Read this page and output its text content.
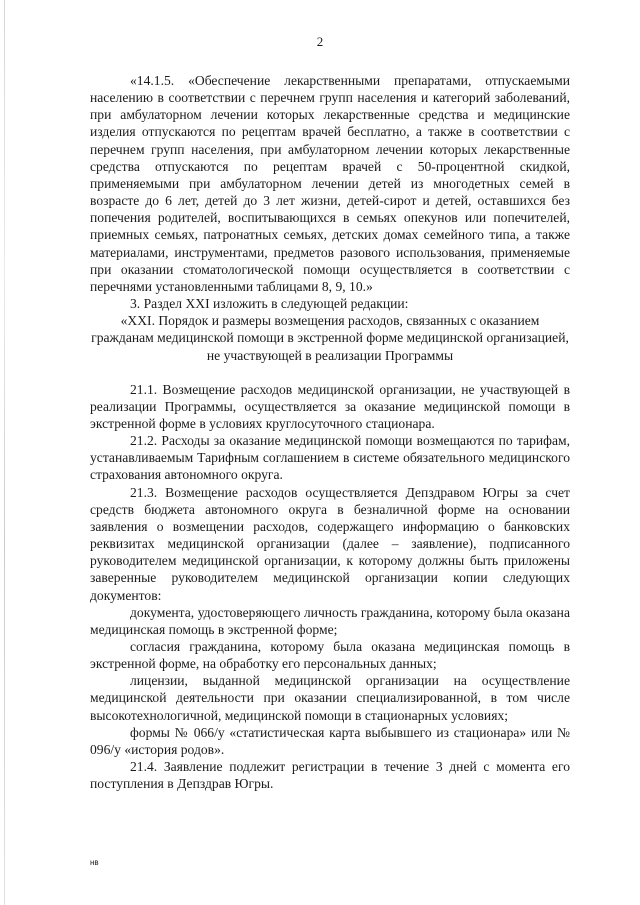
2

«14.1.5. «Обеспечение лекарственными препаратами, отпускаемыми населению в соответствии с перечнем групп населения и категорий заболеваний, при амбулаторном лечении которых лекарственные средства и медицинские изделия отпускаются по рецептам врачей бесплатно, а также в соответствии с перечнем групп населения, при амбулаторном лечении которых лекарственные средства отпускаются по рецептам врачей с 50-процентной скидкой, применяемыми при амбулаторном лечении детей из многодетных семей в возрасте до 6 лет, детей до 3 лет жизни, детей-сирот и детей, оставшихся без попечения родителей, воспитывающихся в семьях опекунов или попечителей, приемных семьях, патронатных семьях, детских домах семейного типа, а также материалами, инструментами, предметов разового использования, применяемые при оказании стоматологической помощи осуществляется в соответствии с перечнями установленными таблицами 8, 9, 10.»

3. Раздел XXI изложить в следующей редакции:

«XXI. Порядок и размеры возмещения расходов, связанных с оказанием гражданам медицинской помощи в экстренной форме медицинской организацией, не участвующей в реализации Программы

21.1. Возмещение расходов медицинской организации, не участвующей в реализации Программы, осуществляется за оказание медицинской помощи в экстренной форме в условиях круглосуточного стационара.

21.2. Расходы за оказание медицинской помощи возмещаются по тарифам, устанавливаемым Тарифным соглашением в системе обязательного медицинского страхования автономного округа.

21.3. Возмещение расходов осуществляется Депздравом Югры за счет средств бюджета автономного округа в безналичной форме на основании заявления о возмещении расходов, содержащего информацию о банковских реквизитах медицинской организации (далее – заявление), подписанного руководителем медицинской организации, к которому должны быть приложены заверенные руководителем медицинской организации копии следующих документов:

документа, удостоверяющего личность гражданина, которому была оказана медицинская помощь в экстренной форме;

согласия гражданина, которому была оказана медицинская помощь в экстренной форме, на обработку его персональных данных;

лицензии, выданной медицинской организации на осуществление медицинской деятельности при оказании специализированной, в том числе высокотехнологичной, медицинской помощи в стационарных условиях;

формы № 066/у «статистическая карта выбывшего из стационара» или № 096/у «история родов».

21.4. Заявление подлежит регистрации в течение 3 дней с момента его поступления в Депздрав Югры.

нв
